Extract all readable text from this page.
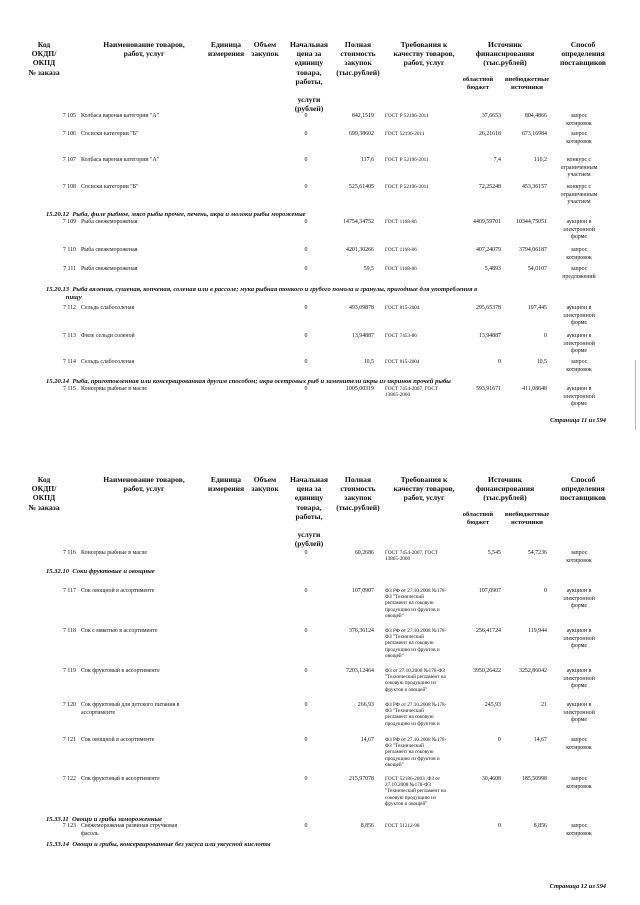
Код
ОКДП/
ОКПД
№ заказа
Наименование товаров,
работ, услуг
Единица
измерения
Объем
закупок
Начальная
цена за
единицу
товара,
работы,

услуги
(рублей)
Полная
стоимость
закупок
(тыс.рублей)
Требования к
качеству товаров,
работ, услуг
Источник
финансирования
(тыс.рублей)
областной
бюджет
внебюджетные
источники
Способ
определения
поставщиков
7 105 Колбаса вареная категории "А"	0	842,1519 ГОСТ Р 52196-2011	37,6653	804,4866	запрос
котировок
7 106 Сосиски категории "Б"	0	699,38602 ГОСТ 52196-2011	26,21618	673,16984	запрос
котировок
7 107 Колбаса вареная категории "А"	0	117,6 ГОСТ Р 52196-2011	7,4	110,2	конкурс с
ограниченным
участием
7 108 Сосиски категории "Б"	0	525,61405 ГОСТ Р 52196-2011	72,25248	453,36157	конкурс с
ограниченным
участием
7 109 Рыба свежемороженая	0	14754,34752 ГОСТ 1168-86	4409,59701	10344,75051	аукцион в
электронной
форме
7 110 Рыба свежемороженая	0	4201,30266 ГОСТ 1168-86	407,24079	3794,06187	запрос
котировок
7 111 Рыба свежемороженая	0	59,5 ГОСТ 1168-86	5,4893	54,0107	запрос
предложений
7 112 Сельдь слабосоленая	0	493,09878 ГОСТ 815-2004	295,65378	197,445	аукцион в
электронной
форме
7 113 Филе сельди соленой	0	13,94887 ГОСТ 7453-86	13,94887	0	аукцион в
электронной
форме
7 114 Сельдь слабосоленая	0	10,5 ГОСТ 815-2004	0	10,5	запрос
котировок
7 115 Консервы рыбные в масле	0	1005,00319 ГОСТ 7454-2007, ГОСТ
13865-2000
593,91671	411,08648	аукцион в
электронной
форме
15.20.12  Рыба, филе рыбное, мясо рыбы прочее, печень, икра и молоки рыбы мороженые
15.20.13  Рыба вяленая, сушеная, копченая, соленая или в рассоле; мука рыбная тонкого и грубого помола и гранулы, пригодные для употребления в
пищу
15.20.14  Рыба, приготовленная или консервированная другим способом; икра осетровых рыб и заменители икры из икринок прочей рыбы
Страница 11 из 594
Код
ОКДП/
ОКПД
№ заказа
Наименование товаров,
работ, услуг
Единица
измерения
Объем
закупок
Начальная
цена за
единицу
товара,
работы,

услуги
(рублей)
Полная
стоимость
закупок
(тыс.рублей)
Требования к
качеству товаров,
работ, услуг
Источник
финансирования
(тыс.рублей)
областной
бюджет
внебюджетные
источники
Способ
определения
поставщиков
7 116 Консервы рыбные в масле	0	60,2686 ГОСТ 7454-2007, ГОСТ
13865-2000
5,545	54,7236	запрос
котировок
7 117 Сок овощной в ассортименте	0	107,0907 ФЗ РФ от 27.10.2008 №178-
ФЗ "Технический
регламент на соковую
продукцию из фруктов и
овощей"
107,0907	0	аукцион в
электронной
форме
7 118 Сок с мякотью в ассортименте	0	376,36124 ФЗ РФ от 27.10.2008 №178-
ФЗ "Технический
регламент на соковую
продукцию из фруктов и
овощей"
256,41724	119,944	аукцион в
электронной
форме
7 119 Сок фруктовый в ассортименте	0	7203,12464 ФЗ от 27.10.2008 №178-ФЗ
"Технический регламент на
соковую продукцию из
фруктов и овощей"
3950,26422	3252,86042	аукцион в
электронной
форме
7 120 Сок фруктовый для детского питания в
ассортименте
0	266,93 ФЗ РФ от 27.10.2008 №178-
ФЗ "Технический
регламент на соковую
продукцию из фруктов и
245,93	21	аукцион в
электронной
форме
7 121 Сок овощной в ассортименте	0	14,67 ФЗ РФ от 27.10.2008 №178-
ФЗ "Технический
регламент на соковую
продукцию из фруктов и
овощей"
0	14,67	запрос
котировок
7 122 Сок фруктовый в ассортименте	0	215,97078 ГОСТ 52186-2003 ,ФЗ от
27.10.2008 №178-ФЗ
"Технический регламент на
соковую продукцию из
фруктов и овощей"
30,4608	185,50998	запрос
котировок
7 123 Свежемороженая развиная стручковая
фасоль
0	8,856 ГОСТ 51212-98	0	8,856	запрос
котировок
15.32.10  Соки фруктовые и овощные
15.33.11  Овощи и грибы замороженные
15.33.14  Овощи и грибы, консервированные без уксуса или уксусной кислоты
Страница 12 из 594
